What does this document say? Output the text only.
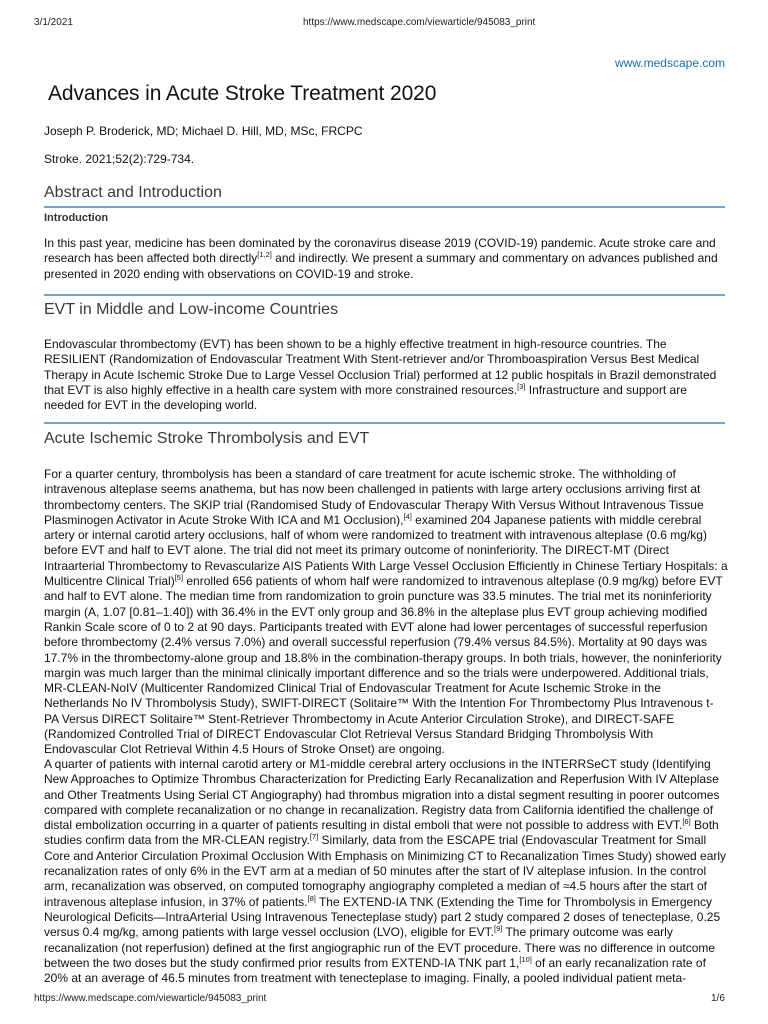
3/1/2021	https://www.medscape.com/viewarticle/945083_print
www.medscape.com
Advances in Acute Stroke Treatment 2020

Joseph P. Broderick, MD; Michael D. Hill, MD, MSc, FRCPC

Stroke. 2021;52(2):729-734.

Abstract and Introduction
Introduction

In this past year, medicine has been dominated by the coronavirus disease 2019 (COVID-19) pandemic. Acute stroke care and research has been affected both directly[1,2] and indirectly. We present a summary and commentary on advances published and presented in 2020 ending with observations on COVID-19 and stroke.

EVT in Middle and Low-income Countries

Endovascular thrombectomy (EVT) has been shown to be a highly effective treatment in high-resource countries. The RESILIENT (Randomization of Endovascular Treatment With Stent-retriever and/or Thromboaspiration Versus Best Medical Therapy in Acute Ischemic Stroke Due to Large Vessel Occlusion Trial) performed at 12 public hospitals in Brazil demonstrated that EVT is also highly effective in a health care system with more constrained resources.[3] Infrastructure and support are needed for EVT in the developing world.

Acute Ischemic Stroke Thrombolysis and EVT

For a quarter century, thrombolysis has been a standard of care treatment for acute ischemic stroke. The withholding of intravenous alteplase seems anathema, but has now been challenged in patients with large artery occlusions arriving first at thrombectomy centers. The SKIP trial (Randomised Study of Endovascular Therapy With Versus Without Intravenous Tissue Plasminogen Activator in Acute Stroke With ICA and M1 Occlusion),[4] examined 204 Japanese patients with middle cerebral artery or internal carotid artery occlusions, half of whom were randomized to treatment with intravenous alteplase (0.6 mg/kg) before EVT and half to EVT alone. The trial did not meet its primary outcome of noninferiority. The DIRECT-MT (Direct Intraarterial Thrombectomy to Revascularize AIS Patients With Large Vessel Occlusion Efficiently in Chinese Tertiary Hospitals: a Multicentre Clinical Trial)[5] enrolled 656 patients of whom half were randomized to intravenous alteplase (0.9 mg/kg) before EVT and half to EVT alone. The median time from randomization to groin puncture was 33.5 minutes. The trial met its noninferiority margin (A, 1.07 [0.81–1.40]) with 36.4% in the EVT only group and 36.8% in the alteplase plus EVT group achieving modified Rankin Scale score of 0 to 2 at 90 days. Participants treated with EVT alone had lower percentages of successful reperfusion before thrombectomy (2.4% versus 7.0%) and overall successful reperfusion (79.4% versus 84.5%). Mortality at 90 days was 17.7% in the thrombectomy-alone group and 18.8% in the combination-therapy groups. In both trials, however, the noninferiority margin was much larger than the minimal clinically important difference and so the trials were underpowered. Additional trials, MR-CLEAN-NoIV (Multicenter Randomized Clinical Trial of Endovascular Treatment for Acute Ischemic Stroke in the Netherlands No IV Thrombolysis Study), SWIFT-DIRECT (Solitaire™ With the Intention For Thrombectomy Plus Intravenous t-PA Versus DIRECT Solitaire™ Stent-Retriever Thrombectomy in Acute Anterior Circulation Stroke), and DIRECT-SAFE (Randomized Controlled Trial of DIRECT Endovascular Clot Retrieval Versus Standard Bridging Thrombolysis With Endovascular Clot Retrieval Within 4.5 Hours of Stroke Onset) are ongoing.

A quarter of patients with internal carotid artery or M1-middle cerebral artery occlusions in the INTERRSeCT study (Identifying New Approaches to Optimize Thrombus Characterization for Predicting Early Recanalization and Reperfusion With IV Alteplase and Other Treatments Using Serial CT Angiography) had thrombus migration into a distal segment resulting in poorer outcomes compared with complete recanalization or no change in recanalization. Registry data from California identified the challenge of distal embolization occurring in a quarter of patients resulting in distal emboli that were not possible to address with EVT.[6] Both studies confirm data from the MR-CLEAN registry.[7] Similarly, data from the ESCAPE trial (Endovascular Treatment for Small Core and Anterior Circulation Proximal Occlusion With Emphasis on Minimizing CT to Recanalization Times Study) showed early recanalization rates of only 6% in the EVT arm at a median of 50 minutes after the start of IV alteplase infusion. In the control arm, recanalization was observed, on computed tomography angiography completed a median of ≈4.5 hours after the start of intravenous alteplase infusion, in 37% of patients.[8] The EXTEND-IA TNK (Extending the Time for Thrombolysis in Emergency Neurological Deficits—IntraArterial Using Intravenous Tenecteplase study) part 2 study compared 2 doses of tenecteplase, 0.25 versus 0.4 mg/kg, among patients with large vessel occlusion (LVO), eligible for EVT.[9] The primary outcome was early recanalization (not reperfusion) defined at the first angiographic run of the EVT procedure. There was no difference in outcome between the two doses but the study confirmed prior results from EXTEND-IA TNK part 1,[10] of an early recanalization rate of 20% at an average of 46.5 minutes from treatment with tenecteplase to imaging. Finally, a pooled individual patient meta-

https://www.medscape.com/viewarticle/945083_print	1/6
